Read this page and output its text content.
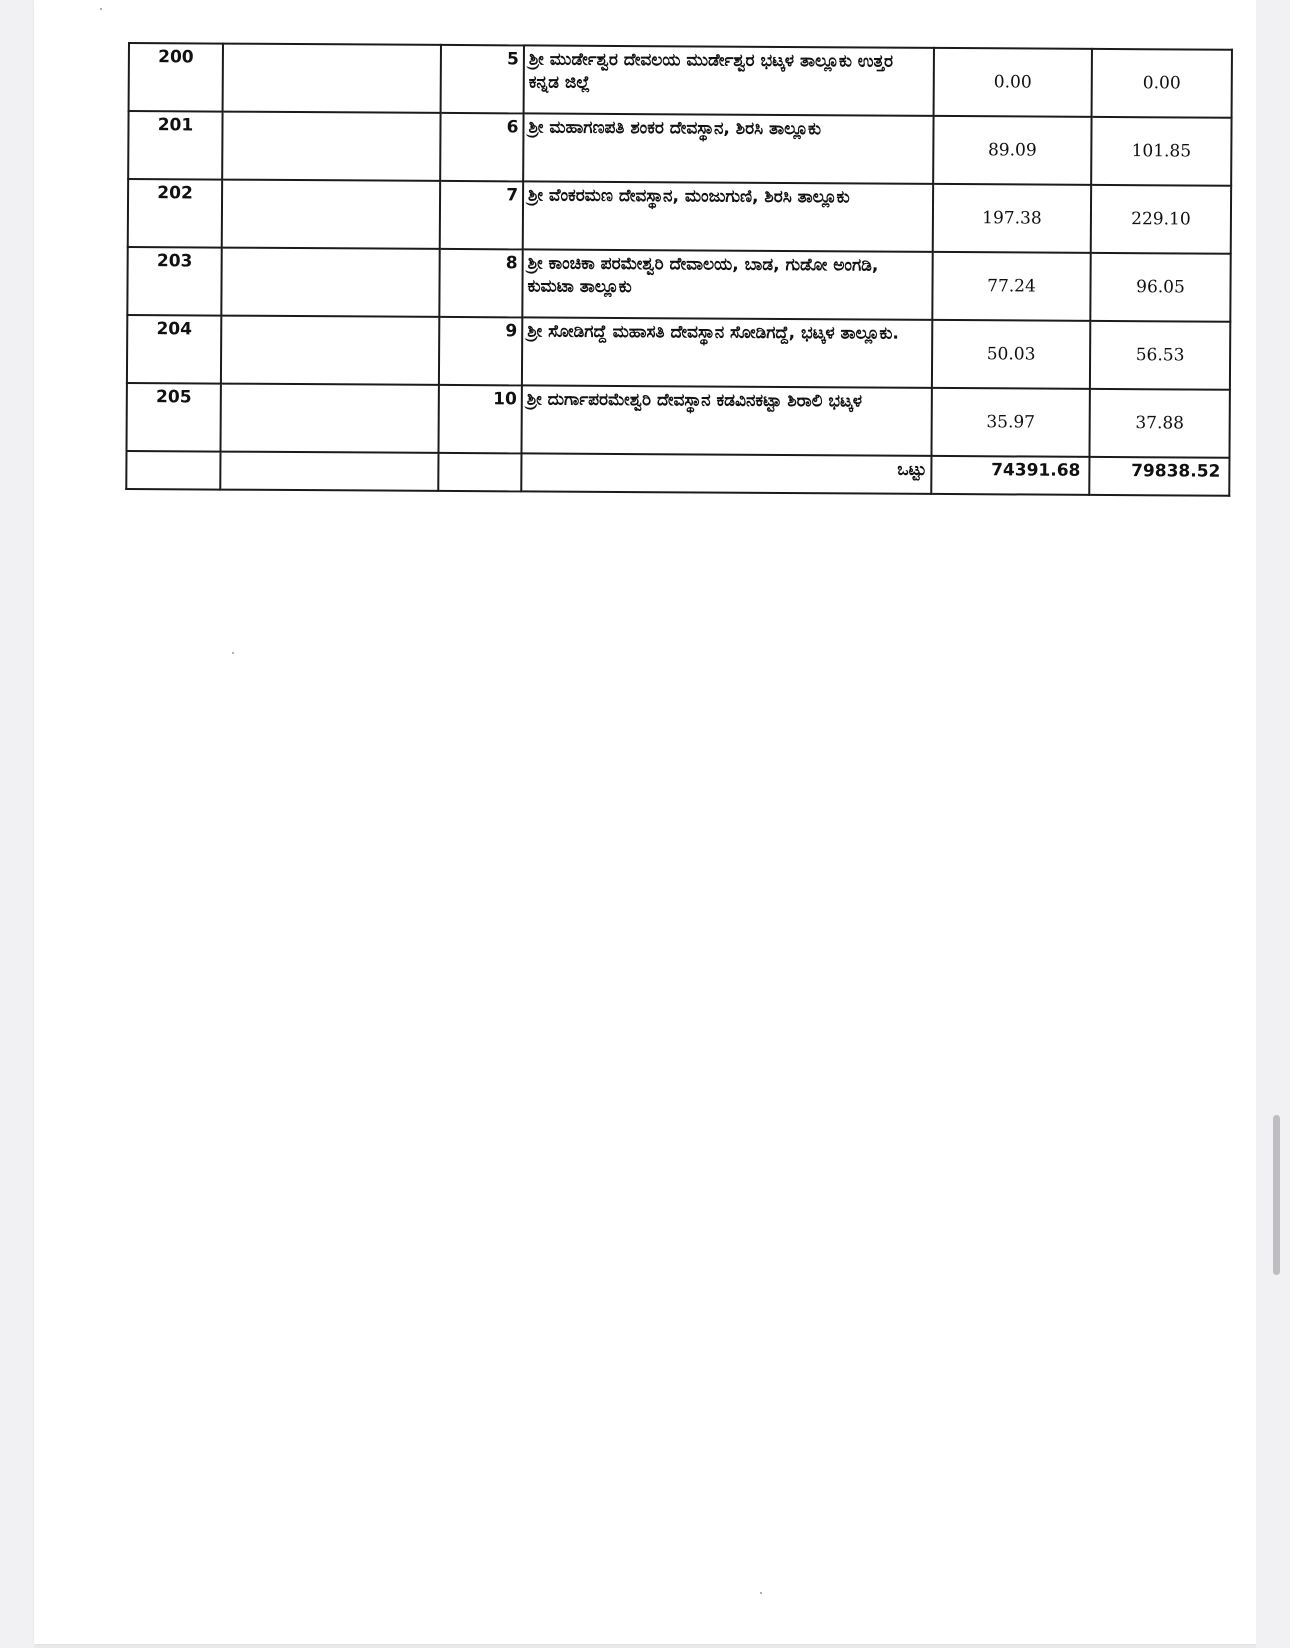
200		5	ಶ್ರೀ ಮುರ್ಡೇಶ್ವರ ದೇವಲಯ ಮುರ್ಡೇಶ್ವರ ಭಟ್ಕಳ ತಾಲ್ಲೂಕು ಉತ್ತರ ಕನ್ನಡ ಜಿಲ್ಲೆ	0.00	0.00
201		6	ಶ್ರೀ ಮಹಾಗಣಪತಿ ಶಂಕರ ದೇವಸ್ಥಾನ, ಶಿರಸಿ ತಾಲ್ಲೂಕು	89.09	101.85
202		7	ಶ್ರೀ ವೆಂಕರಮಣ ದೇವಸ್ಥಾನ, ಮಂಜುಗುಣಿ, ಶಿರಸಿ ತಾಲ್ಲೂಕು	197.38	229.10
203		8	ಶ್ರೀ ಕಾಂಚಿಕಾ ಪರಮೇಶ್ವರಿ ದೇವಾಲಯ, ಬಾಡ, ಗುಡೋ ಅಂಗಡಿ, ಕುಮಟಾ ತಾಲ್ಲೂಕು	77.24	96.05
204		9	ಶ್ರೀ ಸೋಡಿಗದ್ದೆ ಮಹಾಸತಿ ದೇವಸ್ಥಾನ ಸೋಡಿಗದ್ದೆ, ಭಟ್ಕಳ ತಾಲ್ಲೂಕು.	50.03	56.53
205		10	ಶ್ರೀ ದುರ್ಗಾಪರಮೇಶ್ವರಿ ದೇವಸ್ಥಾನ ಕಡವಿನಕಟ್ಟಾ ಶಿರಾಲಿ ಭಟ್ಕಳ	35.97	37.88
			ಒಟ್ಟು	74391.68	79838.52
